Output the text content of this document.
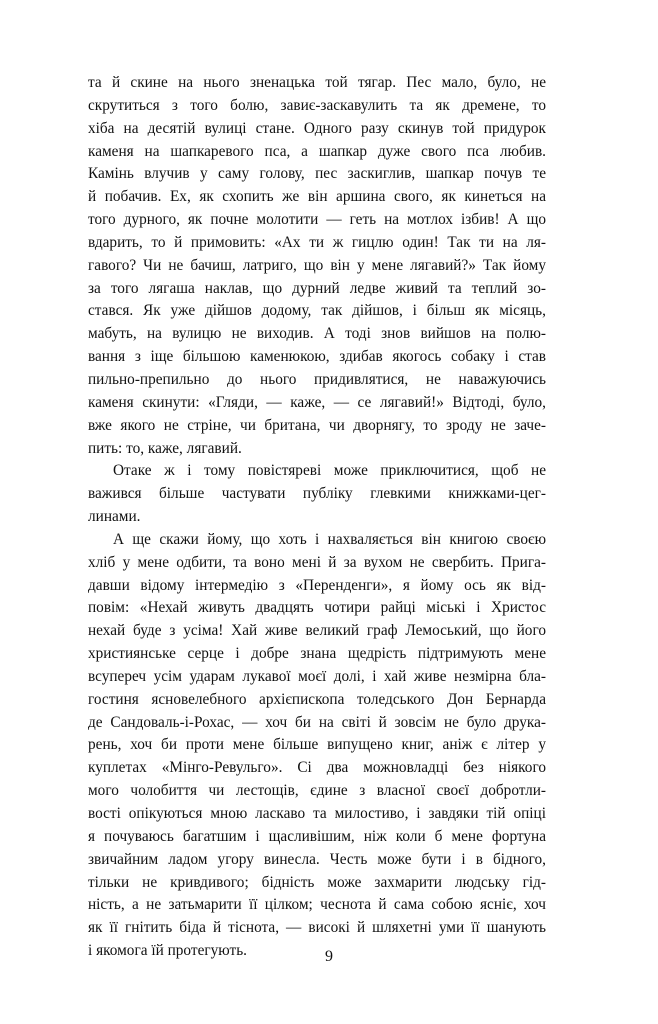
та й скине на нього зненацька той тягар. Пес мало, було, не
скрутиться з того болю, завиє-заскавулить та як дремене, то
хіба на десятій вулиці стане. Одного разу скинув той придурок
каменя на шапкаревого пса, а шапкар дуже свого пса любив.
Камінь влучив у саму голову, пес заскиглив, шапкар почув те
й побачив. Ех, як схопить же він аршина свого, як кинеться на
того дурного, як почне молотити — геть на мотлох ізбив! А що
вдарить, то й примовить: «Ах ти ж гицлю один! Так ти на ля-
гавого? Чи не бачиш, латриго, що він у мене лягавий?» Так йому
за того лягаша наклав, що дурний ледве живий та теплий зо-
стався. Як уже дійшов додому, так дійшов, і більш як місяць,
мабуть, на вулицю не виходив. А тоді знов вийшов на полю-
вання з іще більшою каменюкою, здибав якогось собаку і став
пильно-препильно до нього придивлятися, не наважуючись
каменя скинути: «Гляди, — каже, — се лягавий!» Відтоді, було,
вже якого не стріне, чи британа, чи дворнягу, то зроду не заче-
пить: то, каже, лягавий.
Отаке ж і тому повістяреві може приключитися, щоб не
важився більше частувати публіку глевкими книжками-цег-
линами.
А ще скажи йому, що хоть і нахваляється він книгою своєю
хліб у мене одбити, та воно мені й за вухом не свербить. Пригa-
давши відому інтермедію з «Перенденги», я йому ось як від-
повім: «Нехай живуть двадцять чотири райці міські і Христос
нехай буде з усіма! Хай живе великий граф Лемоський, що його
християнське серце і добре знана щедрість підтримують мене
всупереч усім ударам лукавої моєї долі, і хай живе незмірна бла-
гостиня ясновелебного архієпископа толедського Дон Бернарда
де Сандоваль-і-Рохас, — хоч би на світі й зовсім не було друка-
рень, хоч би проти мене більше випущено книг, аніж є літер у
куплетах «Мінго-Ревульго». Сі два можновладці без ніякого
мого чолобиття чи лестощів, єдине з власної своєї добротли-
вості опікуються мною ласкаво та милостиво, і завдяки тій опіці
я почуваюсь багатшим і щасливішим, ніж коли б мене фортуна
звичайним ладом угору винесла. Честь може бути і в бідного,
тільки не кривдивого; бідність може захмарити людську гід-
ність, а не затьмарити її цілком; чеснота й сама собою ясніє, хоч
як її гнітить біда й тіснота, — високі й шляхетні уми її шанують
і якомога їй протегують.	9
